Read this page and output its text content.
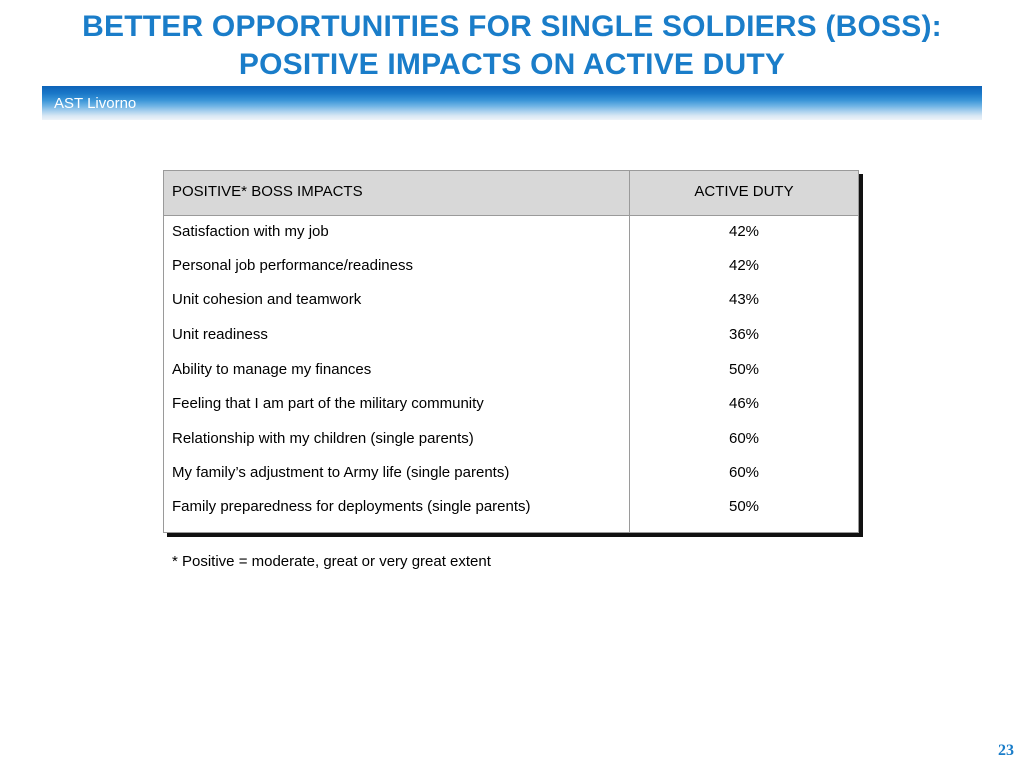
BETTER OPPORTUNITIES FOR SINGLE SOLDIERS (BOSS):
POSITIVE IMPACTS ON ACTIVE DUTY
AST Livorno
POSITIVE* BOSS IMPACTS	ACTIVE DUTY
Satisfaction with my job	42%
Personal job performance/readiness	42%
Unit cohesion and teamwork	43%
Unit readiness	36%
Ability to manage my finances	50%
Feeling that I am part of the military community	46%
Relationship with my children (single parents)	60%
My family’s adjustment to Army life (single parents)	60%
Family preparedness for deployments (single parents)	50%
* Positive = moderate, great or very great extent
23
